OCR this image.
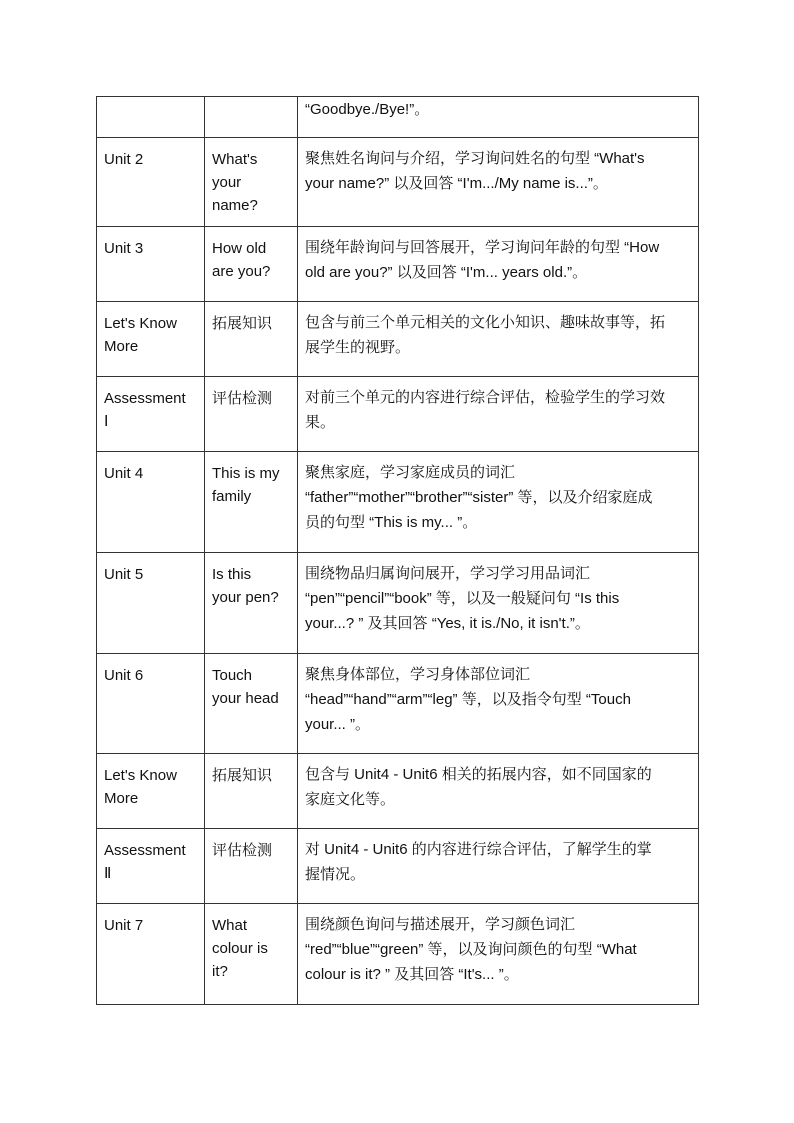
		“Goodbye./Bye!”。

Unit 2	What's
your
name?	聚焦姓名询问与介绍，学习询问姓名的句型 “What's
your name?” 以及回答 “I'm.../My name is...”。

Unit 3	How old
are you?	围绕年龄询问与回答展开，学习询问年龄的句型 “How
old are you?” 以及回答 “I'm... years old.”。

Let's Know
More	拓展知识	包含与前三个单元相关的文化小知识、趣味故事等，拓
展学生的视野。

Assessment
Ⅰ	评估检测	对前三个单元的内容进行综合评估，检验学生的学习效
果。

Unit 4	This is my
family	聚焦家庭，学习家庭成员的词汇
“father”“mother”“brother”“sister” 等，以及介绍家庭成
员的句型 “This is my... ”。

Unit 5	Is this
your pen?	围绕物品归属询问展开，学习学习用品词汇
“pen”“pencil”“book” 等，以及一般疑问句 “Is this
your...? ” 及其回答 “Yes, it is./No, it isn't.”。

Unit 6	Touch
your head	聚焦身体部位，学习身体部位词汇
“head”“hand”“arm”“leg” 等，以及指令句型 “Touch
your... ”。

Let's Know
More	拓展知识	包含与 Unit4 - Unit6 相关的拓展内容，如不同国家的
家庭文化等。

Assessment
Ⅱ	评估检测	对 Unit4 - Unit6 的内容进行综合评估，了解学生的掌
握情况。

Unit 7	What
colour is
it?	围绕颜色询问与描述展开，学习颜色词汇
“red”“blue”“green” 等，以及询问颜色的句型 “What
colour is it? ” 及其回答 “It's... ”。
